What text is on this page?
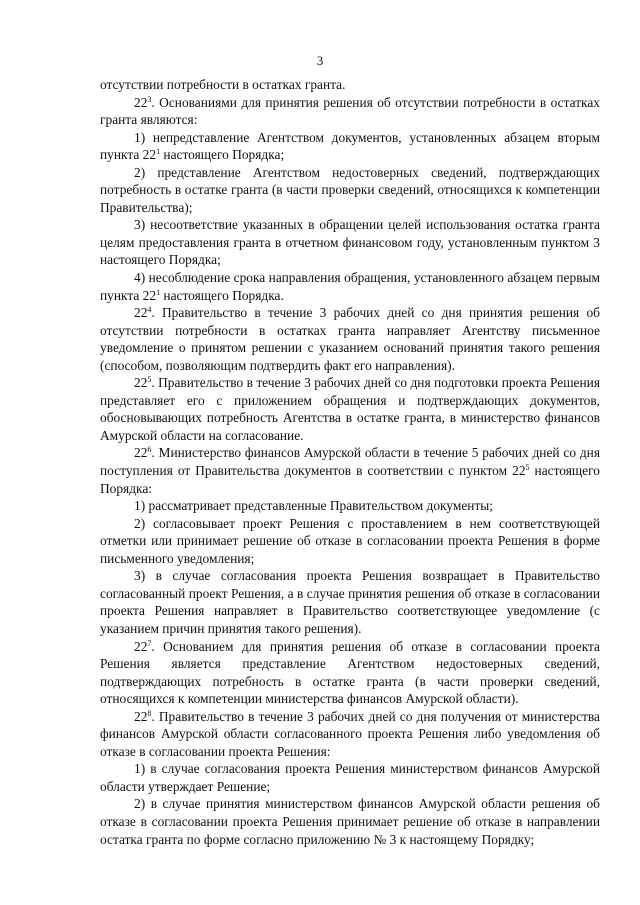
3

отсутствии потребности в остатках гранта.

$22^3$. Основаниями для принятия решения об отсутствии потребности в остатках гранта являются:

1) непредставление Агентством документов, установленных абзацем вторым пункта $22^1$ настоящего Порядка;

2) представление Агентством недостоверных сведений, подтверждающих потребность в остатке гранта (в части проверки сведений, относящихся к компетенции Правительства);

3) несоответствие указанных в обращении целей использования остатка гранта целям предоставления гранта в отчетном финансовом году, установленным пунктом 3 настоящего Порядка;

4) несоблюдение срока направления обращения, установленного абзацем первым пункта $22^1$ настоящего Порядка.

$22^4$. Правительство в течение 3 рабочих дней со дня принятия решения об отсутствии потребности в остатках гранта направляет Агентству письменное уведомление о принятом решении с указанием оснований принятия такого решения (способом, позволяющим подтвердить факт его направления).

$22^5$. Правительство в течение 3 рабочих дней со дня подготовки проекта Решения представляет его с приложением обращения и подтверждающих документов, обосновывающих потребность Агентства в остатке гранта, в министерство финансов Амурской области на согласование.

$22^6$. Министерство финансов Амурской области в течение 5 рабочих дней со дня поступления от Правительства документов в соответствии с пунктом $22^5$ настоящего Порядка:

1) рассматривает представленные Правительством документы;

2) согласовывает проект Решения с проставлением в нем соответствующей отметки или принимает решение об отказе в согласовании проекта Решения в форме письменного уведомления;

3) в случае согласования проекта Решения возвращает в Правительство согласованный проект Решения, а в случае принятия решения об отказе в согласовании проекта Решения направляет в Правительство соответствующее уведомление (с указанием причин принятия такого решения).

$22^7$. Основанием для принятия решения об отказе в согласовании проекта Решения является представление Агентством недостоверных сведений, подтверждающих потребность в остатке гранта (в части проверки сведений, относящихся к компетенции министерства финансов Амурской области).

$22^8$. Правительство в течение 3 рабочих дней со дня получения от министерства финансов Амурской области согласованного проекта Решения либо уведомления об отказе в согласовании проекта Решения:

1) в случае согласования проекта Решения министерством финансов Амурской области утверждает Решение;

2) в случае принятия министерством финансов Амурской области решения об отказе в согласовании проекта Решения принимает решение об отказе в направлении остатка гранта по форме согласно приложению № 3 к настоящему Порядку;
